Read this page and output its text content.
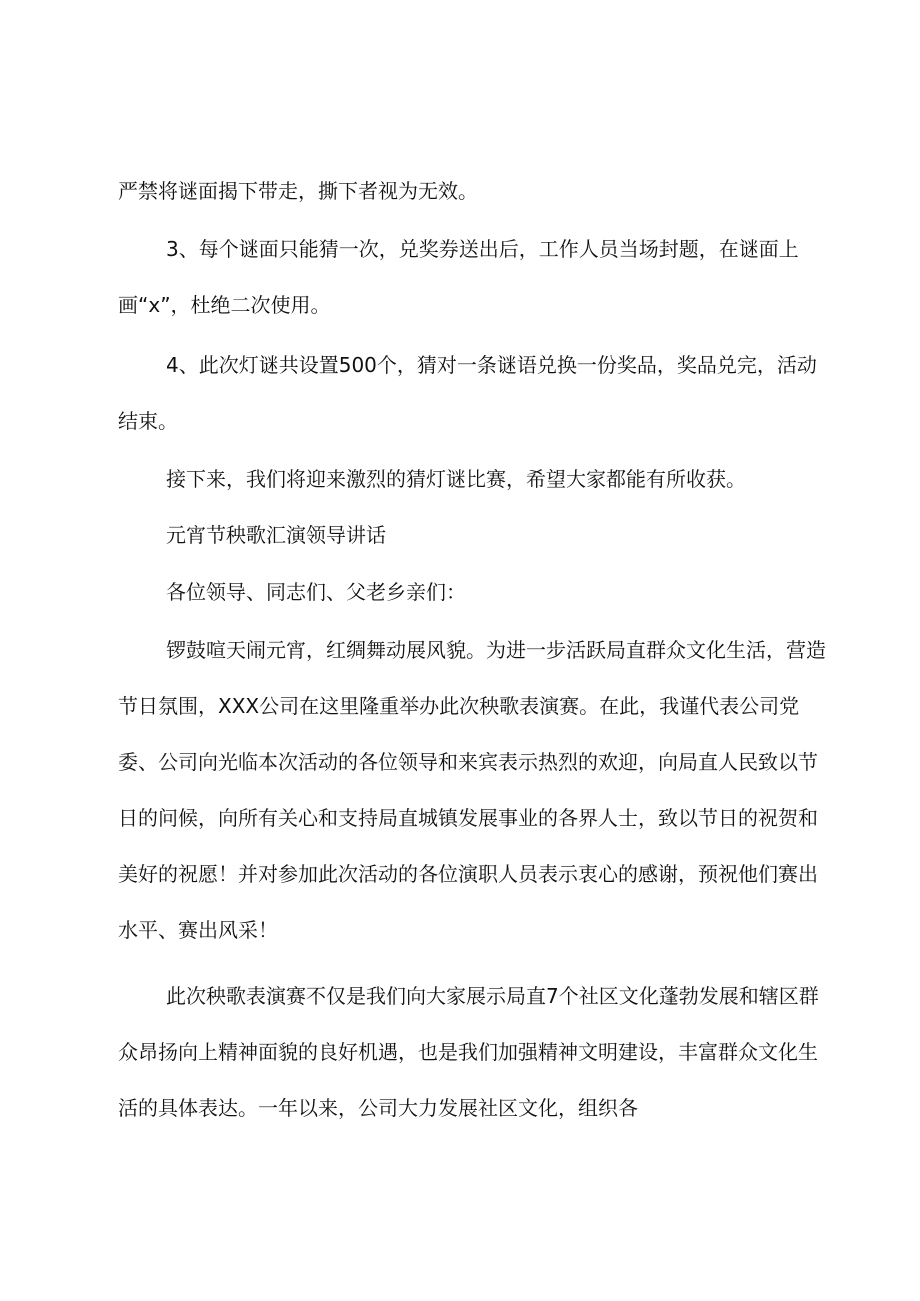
严禁将谜面揭下带走，撕下者视为无效。

3、每个谜面只能猜一次，兑奖券送出后，工作人员当场封题，在谜面上画“x”，杜绝二次使用。

4、此次灯谜共设置500个，猜对一条谜语兑换一份奖品，奖品兑完，活动结束。

接下来，我们将迎来激烈的猜灯谜比赛，希望大家都能有所收获。

元宵节秧歌汇演领导讲话

各位领导、同志们、父老乡亲们：

锣鼓喧天闹元宵，红绸舞动展风貌。为进一步活跃局直群众文化生活，营造节日氛围，XXX公司在这里隆重举办此次秧歌表演赛。在此，我谨代表公司党委、公司向光临本次活动的各位领导和来宾表示热烈的欢迎，向局直人民致以节日的问候，向所有关心和支持局直城镇发展事业的各界人士，致以节日的祝贺和美好的祝愿！并对参加此次活动的各位演职人员表示衷心的感谢，预祝他们赛出水平、赛出风采！

此次秧歌表演赛不仅是我们向大家展示局直7个社区文化蓬勃发展和辖区群众昂扬向上精神面貌的良好机遇，也是我们加强精神文明建设，丰富群众文化生活的具体表达。一年以来，公司大力发展社区文化，组织各
